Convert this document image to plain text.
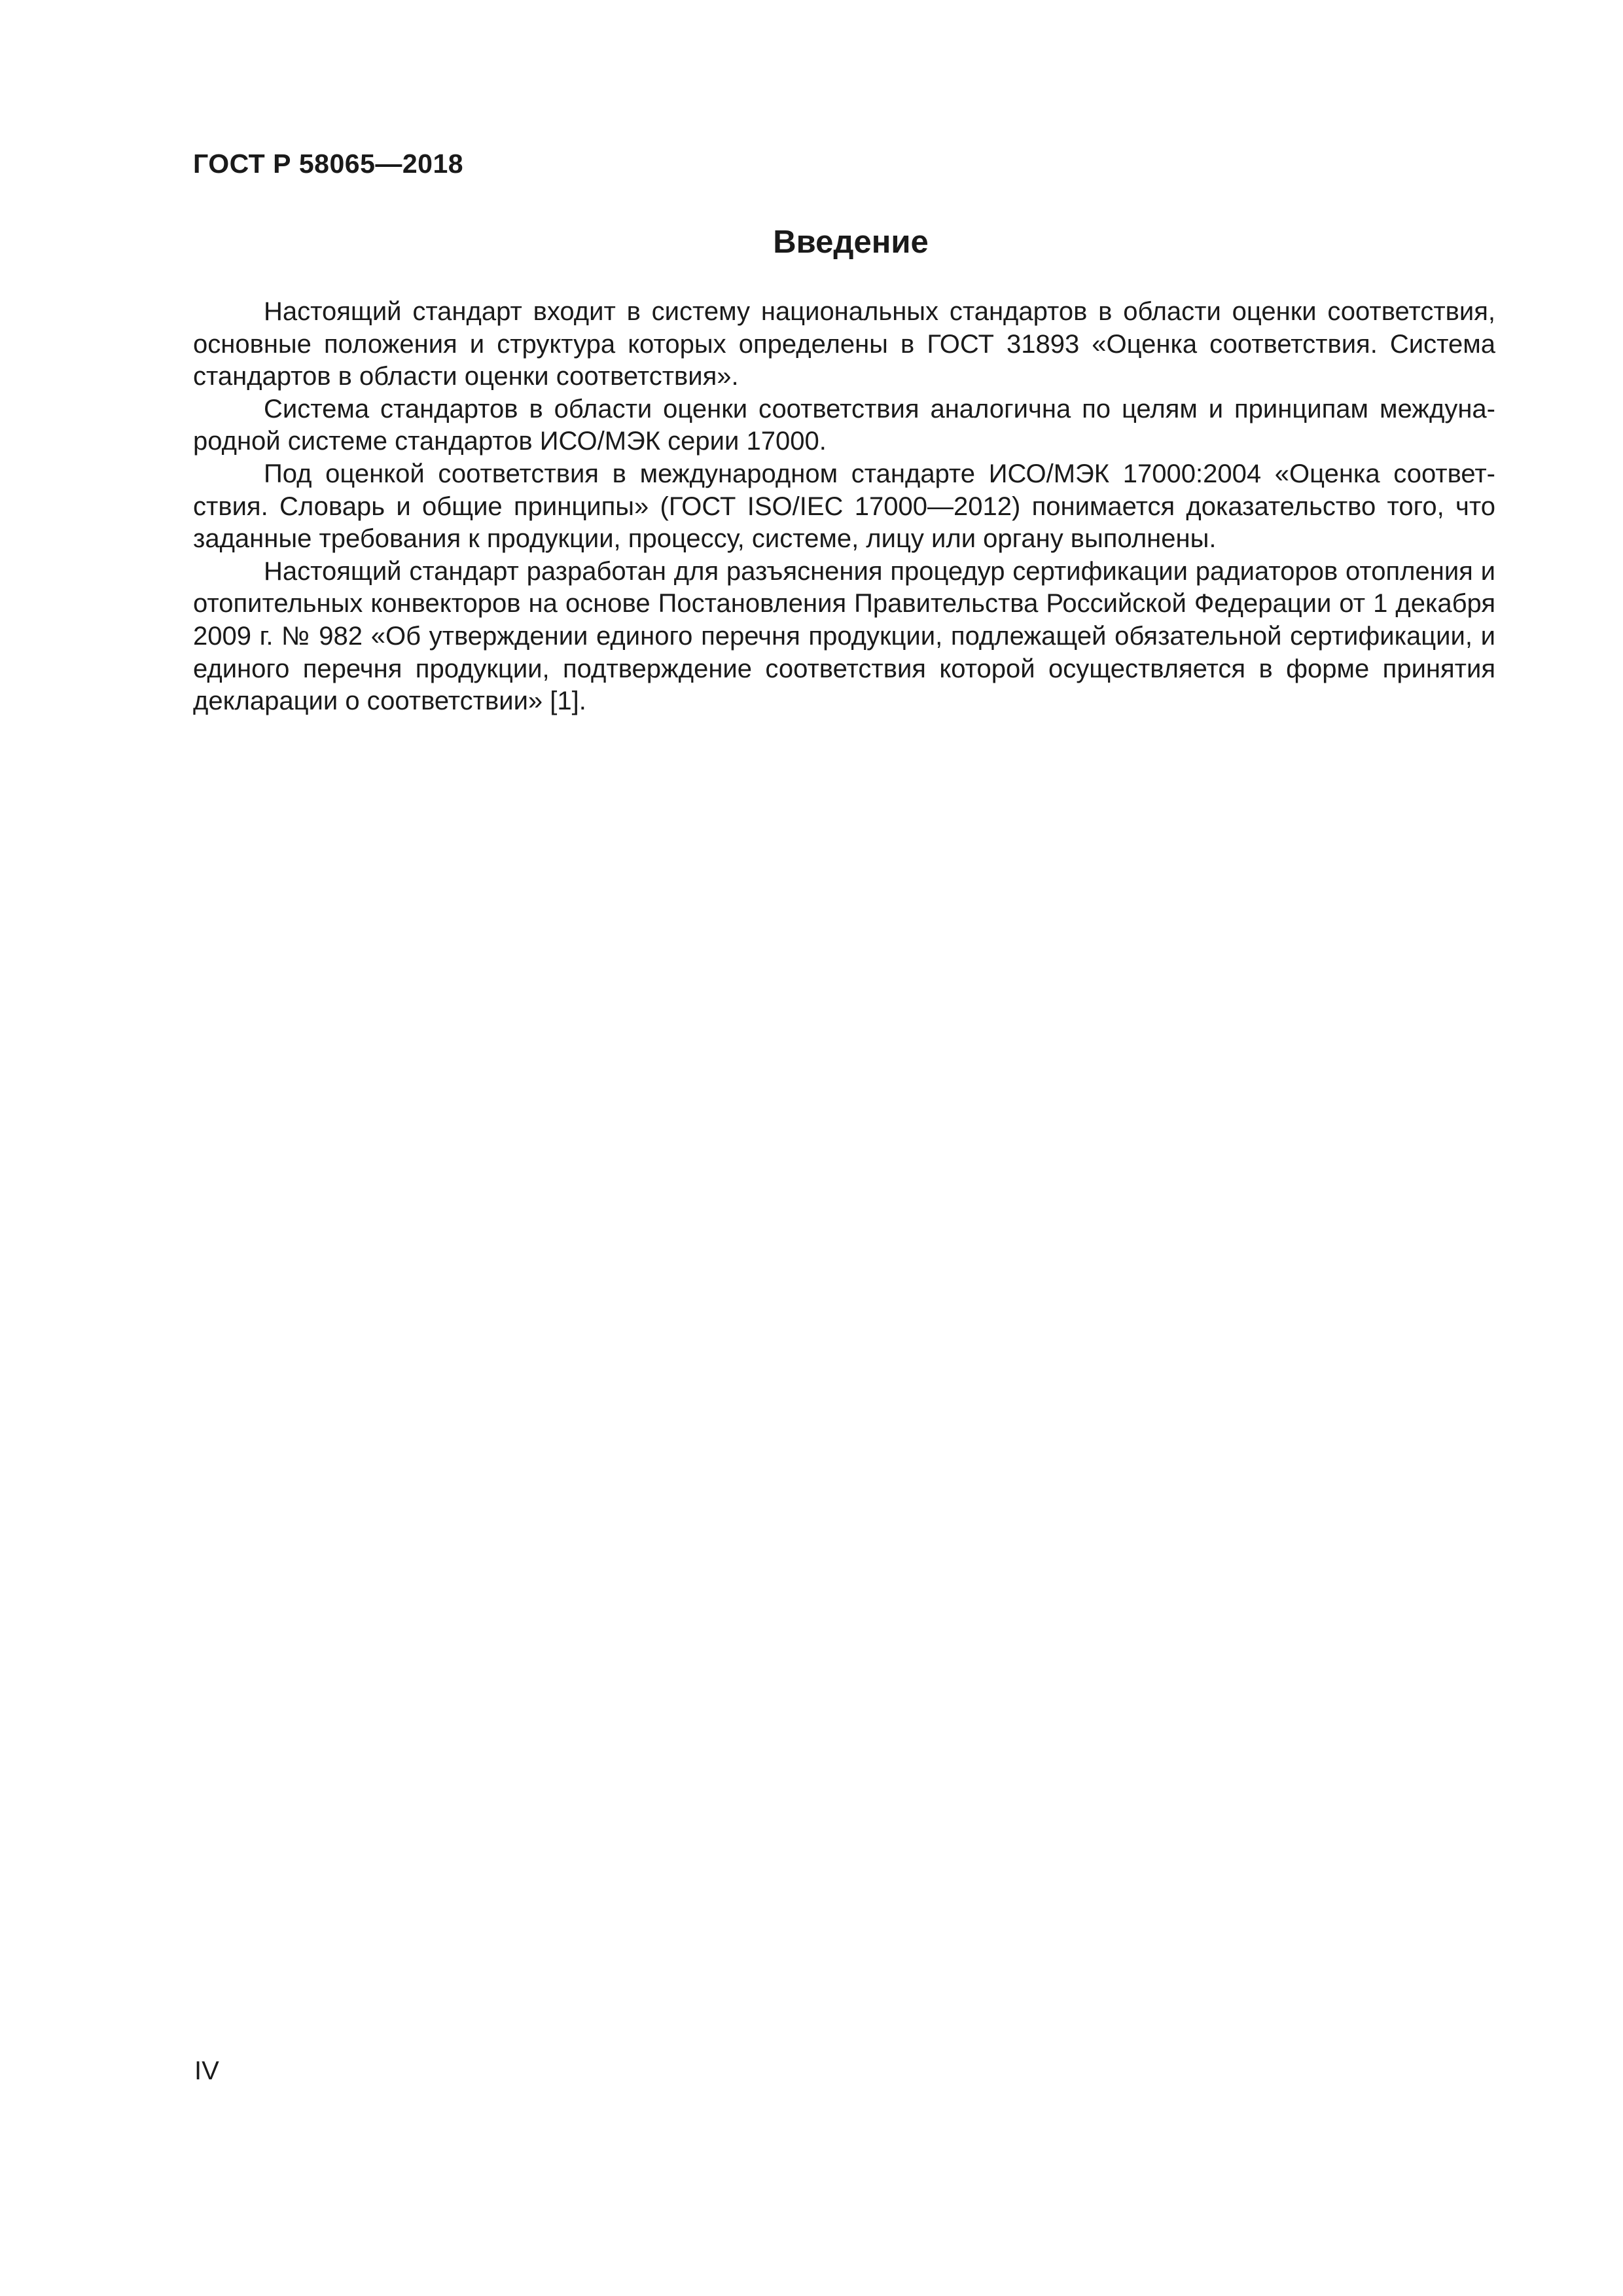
ГОСТ Р 58065—2018

Введение

Настоящий стандарт входит в систему национальных стандартов в области оценки соответствия, основные положения и структура которых определены в ГОСТ 31893 «Оценка соответствия. Система стандартов в области оценки соответствия».

Система стандартов в области оценки соответствия аналогична по целям и принципам международной системе стандартов ИСО/МЭК серии 17000.

Под оценкой соответствия в международном стандарте ИСО/МЭК 17000:2004 «Оценка соответствия. Словарь и общие принципы» (ГОСТ ISO/IEC 17000—2012) понимается доказательство того, что заданные требования к продукции, процессу, системе, лицу или органу выполнены.

Настоящий стандарт разработан для разъяснения процедур сертификации радиаторов отопления и отопительных конвекторов на основе Постановления Правительства Российской Федерации от 1 декабря 2009 г. № 982 «Об утверждении единого перечня продукции, подлежащей обязательной сертификации, и единого перечня продукции, подтверждение соответствия которой осуществляется в форме принятия декларации о соответствии» [1].

IV
